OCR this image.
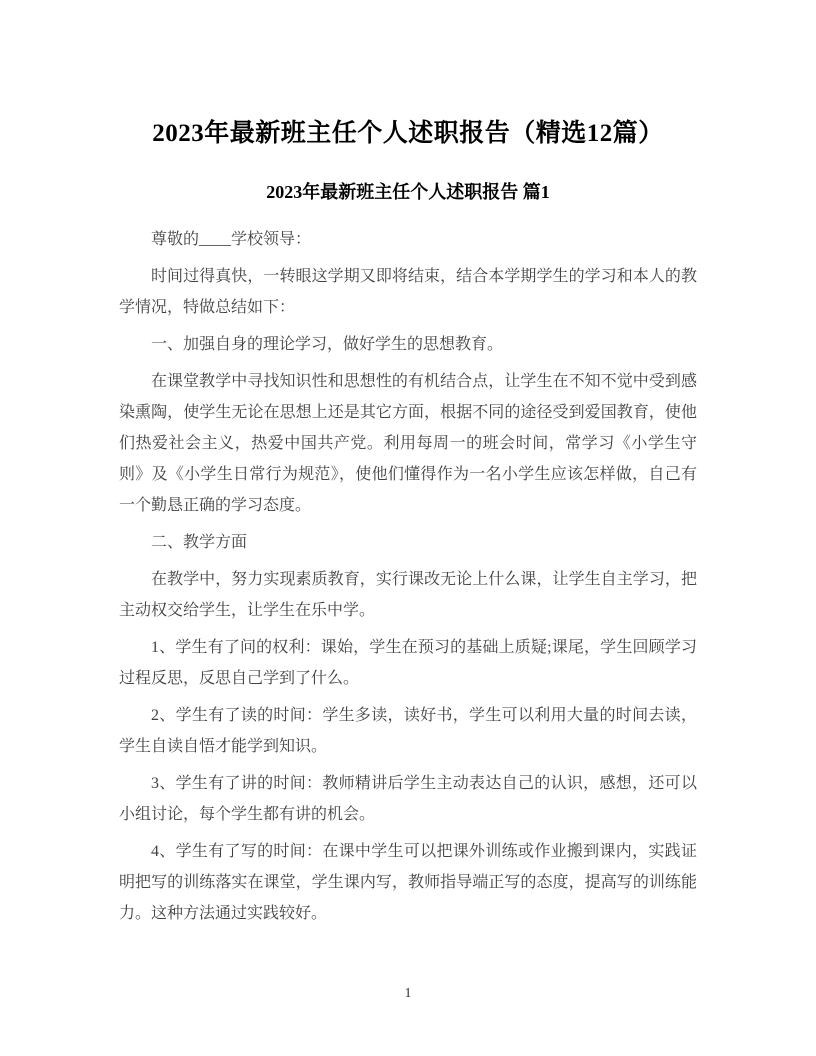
2023年最新班主任个人述职报告（精选12篇）
2023年最新班主任个人述职报告 篇1

尊敬的____学校领导：

时间过得真快，一转眼这学期又即将结束，结合本学期学生的学习和本人的教学情况，特做总结如下：

一、加强自身的理论学习，做好学生的思想教育。

在课堂教学中寻找知识性和思想性的有机结合点，让学生在不知不觉中受到感染熏陶，使学生无论在思想上还是其它方面，根据不同的途径受到爱国教育，使他们热爱社会主义，热爱中国共产党。利用每周一的班会时间，常学习《小学生守则》及《小学生日常行为规范》，使他们懂得作为一名小学生应该怎样做，自己有一个勤恳正确的学习态度。

二、教学方面

在教学中，努力实现素质教育，实行课改无论上什么课，让学生自主学习，把主动权交给学生，让学生在乐中学。

1、学生有了问的权利：课始，学生在预习的基础上质疑;课尾，学生回顾学习过程反思，反思自己学到了什么。

2、学生有了读的时间：学生多读，读好书，学生可以利用大量的时间去读，学生自读自悟才能学到知识。

3、学生有了讲的时间：教师精讲后学生主动表达自己的认识，感想，还可以小组讨论，每个学生都有讲的机会。

4、学生有了写的时间：在课中学生可以把课外训练或作业搬到课内，实践证明把写的训练落实在课堂，学生课内写，教师指导端正写的态度，提高写的训练能力。这种方法通过实践较好。

1
